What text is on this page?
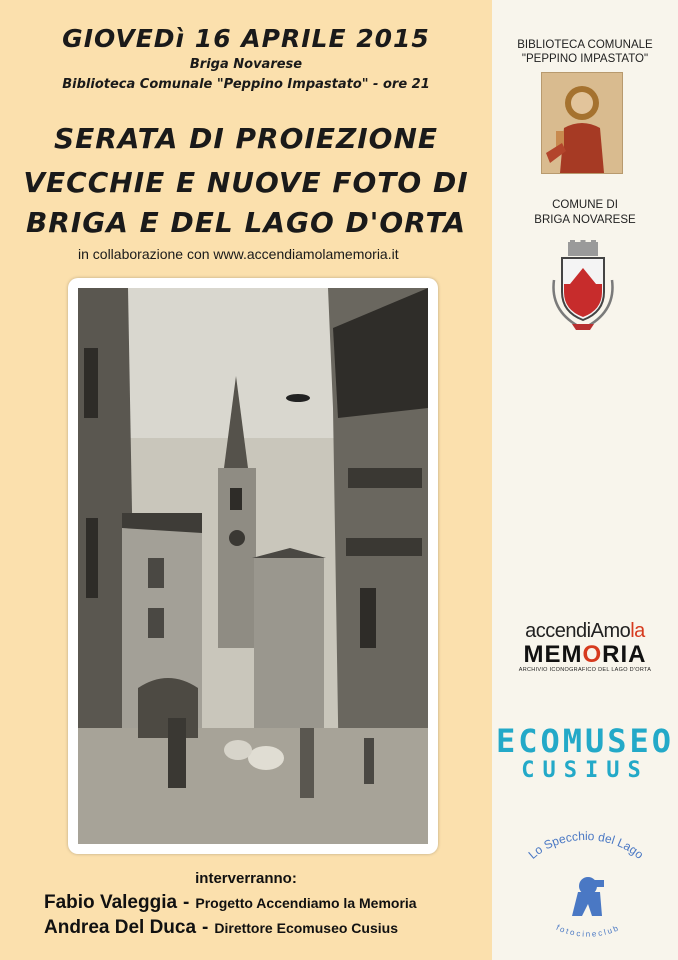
GIOVEDì 16 APRILE 2015
Briga Novarese
Biblioteca Comunale "Peppino Impastato" - ore 21
SERATA DI PROIEZIONE
VECCHIE E NUOVE FOTO DI
BRIGA E DEL LAGO D'ORTA
in collaborazione con www.accendiamolamemoria.it
interverranno:
Fabio Valeggia - Progetto Accendiamo la Memoria
Andrea Del Duca - Direttore Ecomuseo Cusius
BIBLIOTECA COMUNALE
"PEPPINO IMPASTATO"
COMUNE DI
BRIGA NOVARESE
accendiAmola
MEMORIA
ARCHIVIO ICONOGRAFICO DEL LAGO D'ORTA
ECOMUSEO
CUSIUS
Lo Specchio del Lago
fotocineclub
